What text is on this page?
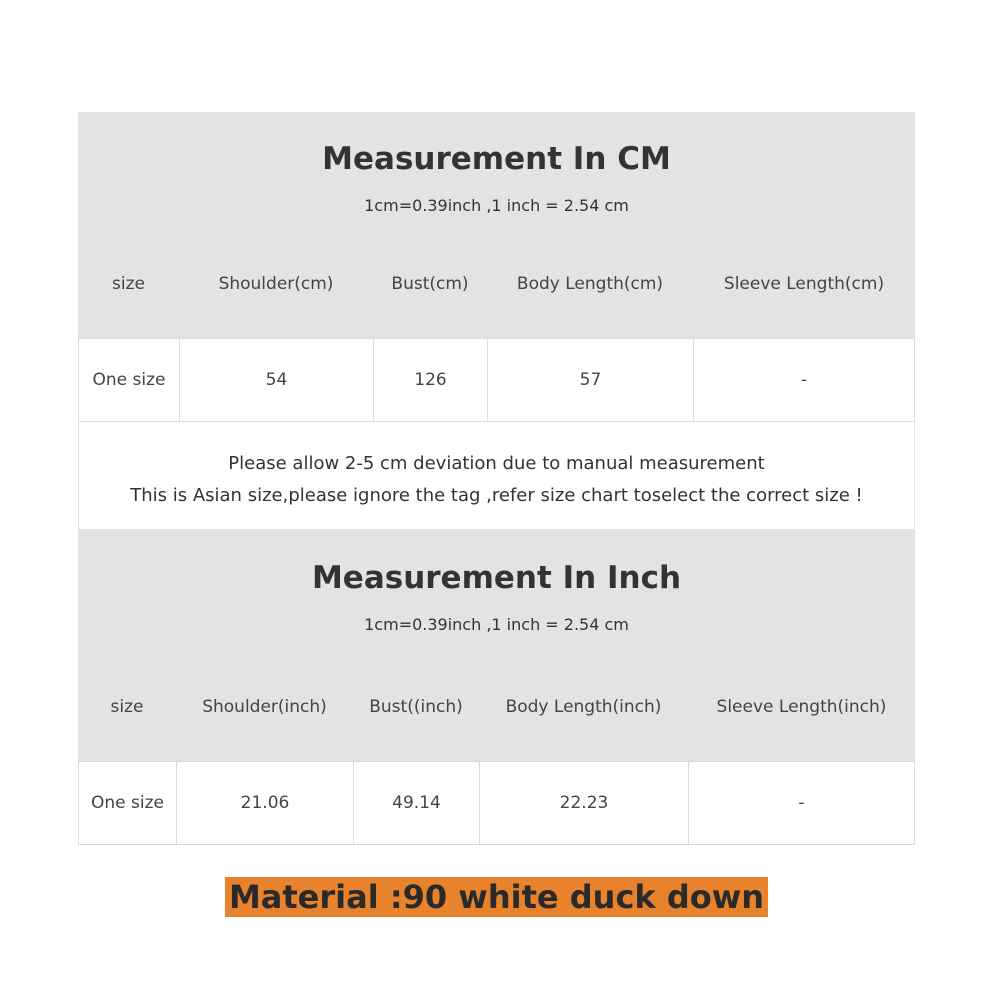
Measurement In CM
1cm=0.39inch ,1 inch = 2.54 cm
size	Shoulder(cm)	Bust(cm)	Body Length(cm)	Sleeve Length(cm)
One size	54	126	57	-
Please allow 2-5 cm deviation due to manual measurement
This is Asian size,please ignore the tag ,refer size chart toselect the correct size !
Measurement In Inch
1cm=0.39inch ,1 inch = 2.54 cm
size	Shoulder(inch)	Bust((inch)	Body Length(inch)	Sleeve Length(inch)
One size	21.06	49.14	22.23	-
Material :90 white duck down
